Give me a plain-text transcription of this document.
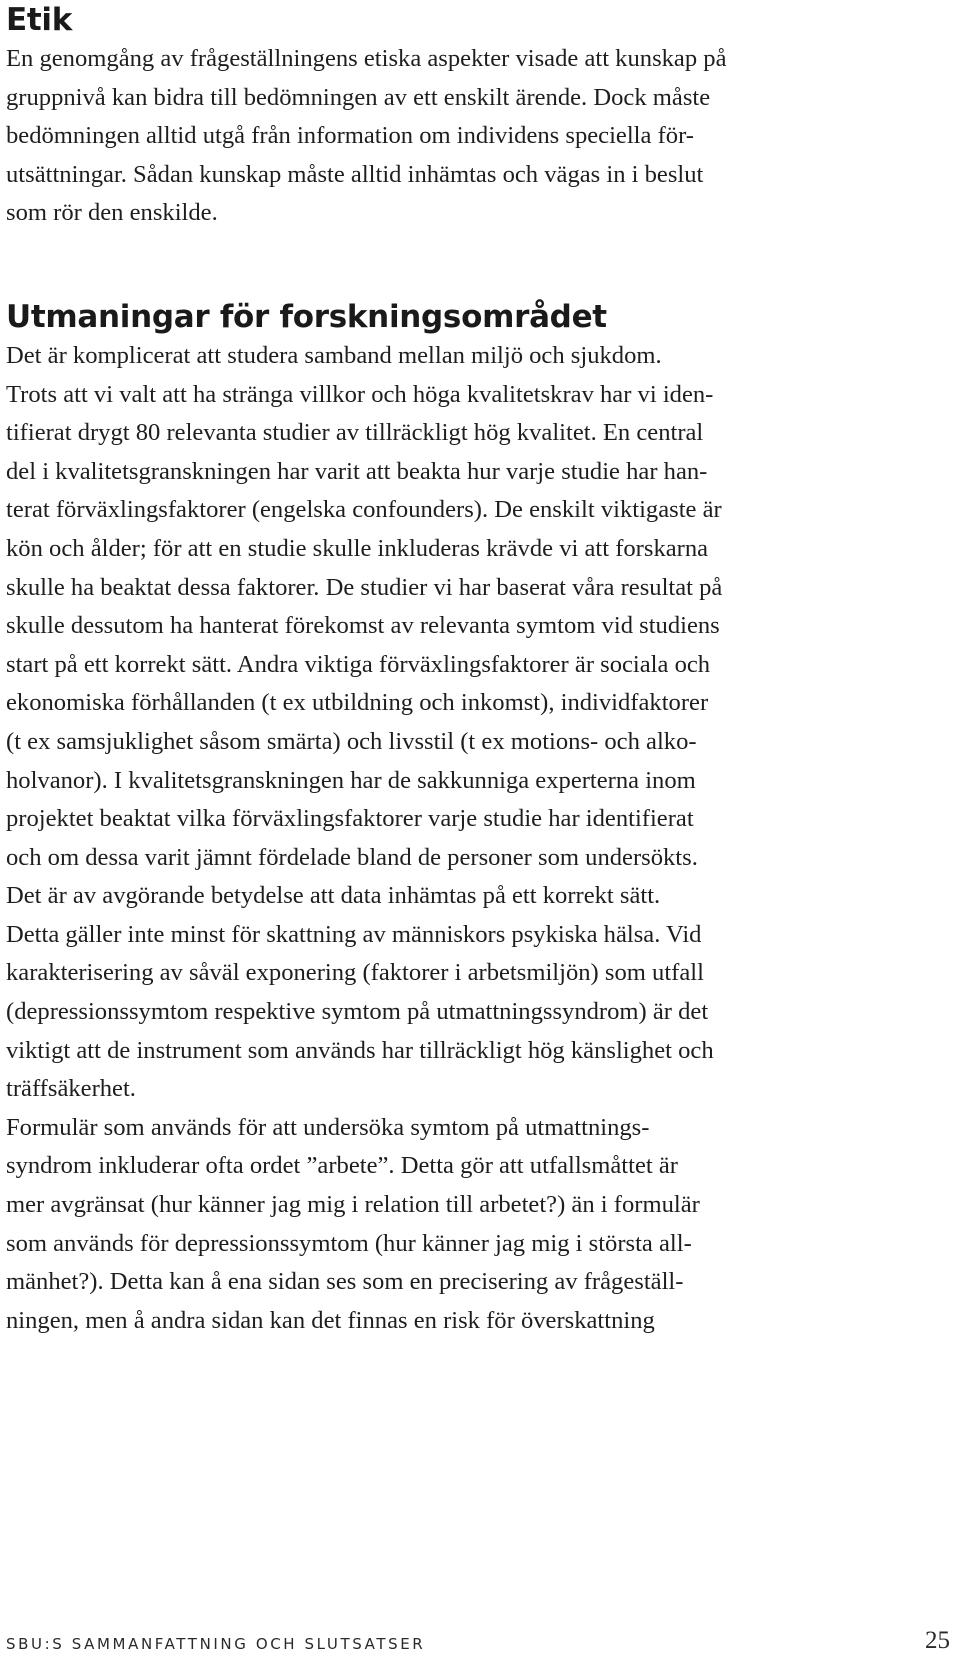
Etik

En genomgång av frågeställningens etiska aspekter visade att kunskap på
gruppnivå kan bidra till bedömningen av ett enskilt ärende. Dock måste
bedömningen alltid utgå från information om individens speciella för-
utsättningar. Sådan kunskap måste alltid inhämtas och vägas in i beslut
som rör den enskilde.

Utmaningar för forskningsområdet

Det är komplicerat att studera samband mellan miljö och sjukdom.
Trots att vi valt att ha stränga villkor och höga kvalitetskrav har vi iden-
tifierat drygt 80 relevanta studier av tillräckligt hög kvalitet. En central
del i kvalitetsgranskningen har varit att beakta hur varje studie har han-
terat förväxlingsfaktorer (engelska confounders). De enskilt viktigaste är
kön och ålder; för att en studie skulle inkluderas krävde vi att forskarna
skulle ha beaktat dessa faktorer. De studier vi har baserat våra resultat på
skulle dessutom ha hanterat förekomst av relevanta symtom vid studiens
start på ett korrekt sätt. Andra viktiga förväxlingsfaktorer är sociala och
ekonomiska förhållanden (t ex utbildning och inkomst), individfaktorer
(t ex samsjuklighet såsom smärta) och livsstil (t ex motions- och alko-
holvanor). I kvalitetsgranskningen har de sakkunniga experterna inom
projektet beaktat vilka förväxlingsfaktorer varje studie har identifierat
och om dessa varit jämnt fördelade bland de personer som undersökts.

Det är av avgörande betydelse att data inhämtas på ett korrekt sätt.
Detta gäller inte minst för skattning av människors psykiska hälsa. Vid
karakterisering av såväl exponering (faktorer i arbetsmiljön) som utfall
(depressionssymtom respektive symtom på utmattningssyndrom) är det
viktigt att de instrument som används har tillräckligt hög känslighet och
träffsäkerhet.

Formulär som används för att undersöka symtom på utmattnings-
syndrom inkluderar ofta ordet ”arbete”. Detta gör att utfallsmåttet är
mer avgränsat (hur känner jag mig i relation till arbetet?) än i formulär
som används för depressionssymtom (hur känner jag mig i största all-
mänhet?). Detta kan å ena sidan ses som en precisering av frågeställ-
ningen, men å andra sidan kan det finnas en risk för överskattning

SBU:S SAMMANFATTNING OCH SLUTSATSER	25
